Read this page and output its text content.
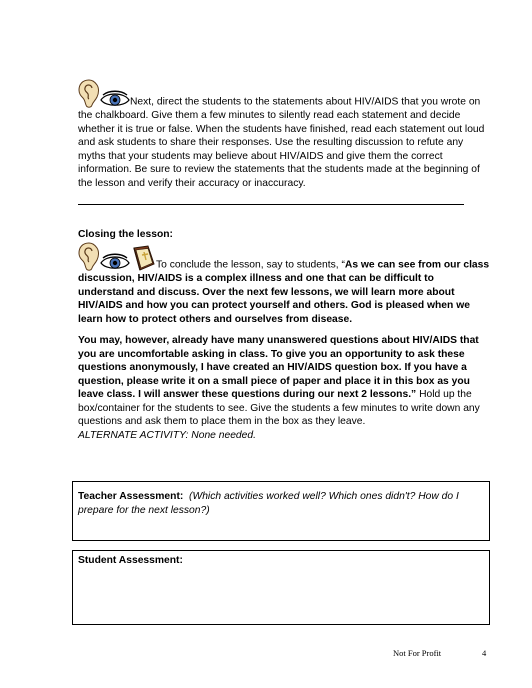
Next, direct the students to the statements about HIV/AIDS that you wrote on the chalkboard. Give them a few minutes to silently read each statement and decide whether it is true or false. When the students have finished, read each statement out loud and ask students to share their responses. Use the resulting discussion to refute any myths that your students may believe about HIV/AIDS and give them the correct information. Be sure to review the statements that the students made at the beginning of the lesson and verify their accuracy or inaccuracy.
Closing the lesson:
To conclude the lesson, say to students, “As we can see from our class discussion, HIV/AIDS is a complex illness and one that can be difficult to understand and discuss. Over the next few lessons, we will learn more about HIV/AIDS and how you can protect yourself and others. God is pleased when we learn how to protect others and ourselves from disease.
You may, however, already have many unanswered questions about HIV/AIDS that you are uncomfortable asking in class. To give you an opportunity to ask these questions anonymously, I have created an HIV/AIDS question box. If you have a question, please write it on a small piece of paper and place it in this box as you leave class. I will answer these questions during our next 2 lessons.” Hold up the box/container for the students to see. Give the students a few minutes to write down any questions and ask them to place them in the box as they leave.
ALTERNATE ACTIVITY: None needed.
Teacher Assessment: (Which activities worked well? Which ones didn't? How do I prepare for the next lesson?)
Student Assessment:
Not For Profit	4
